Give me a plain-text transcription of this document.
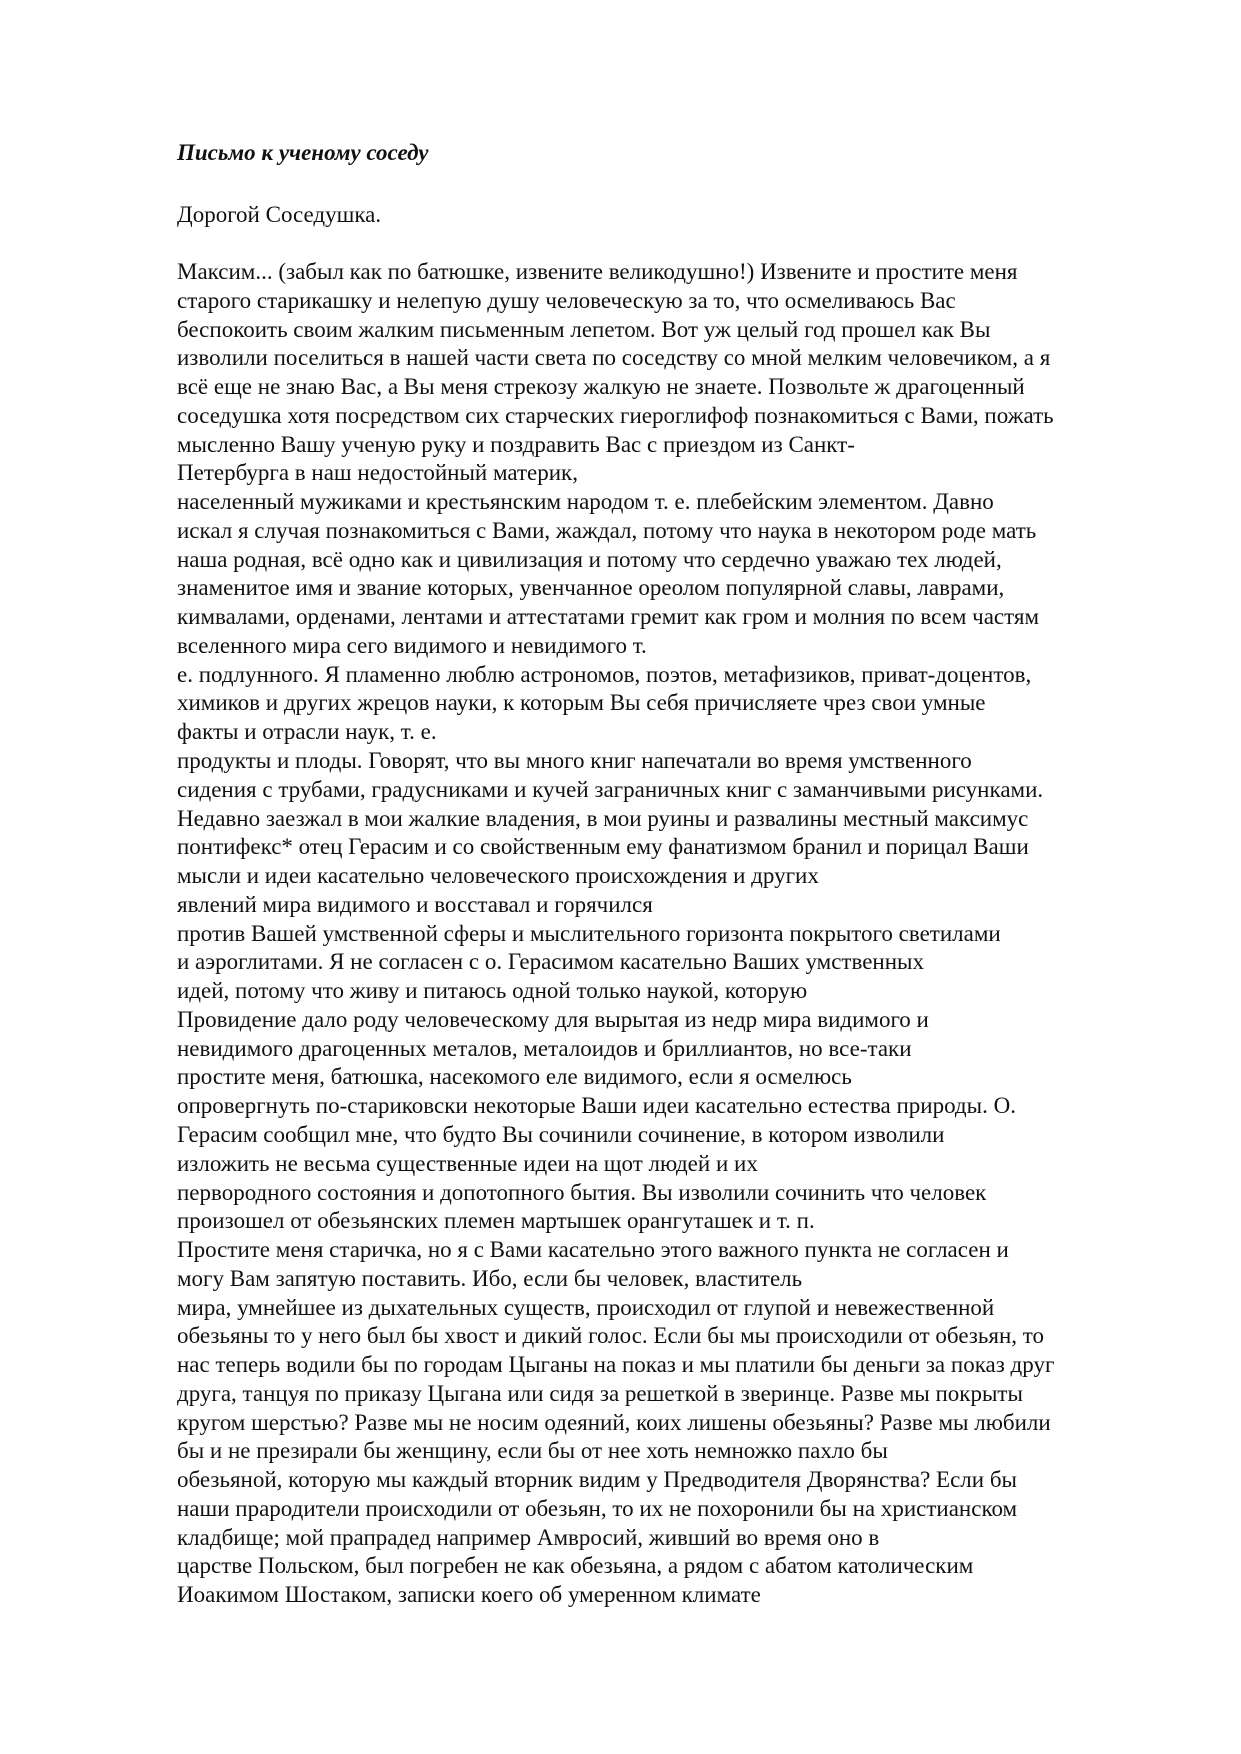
Письмо к ученому соседу
Дорогой Соседушка.
Максим... (забыл как по батюшке, извените великодушно!) Извените и простите меня
старого старикашку и нелепую душу человеческую за то, что осмеливаюсь Вас
беспокоить своим жалким письменным лепетом. Вот уж целый год прошел как Вы
изволили поселиться в нашей части света по соседству со мной мелким человечиком, а я
всё еще не знаю Вас, а Вы меня стрекозу жалкую не знаете. Позвольте ж драгоценный
соседушка хотя посредством сих старческих гиероглифоф познакомиться с Вами, пожать
мысленно Вашу ученую руку и поздравить Вас с приездом из Санкт-
Петербурга в наш недостойный материк,
населенный мужиками и крестьянским народом т. е. плебейским элементом. Давно
искал я случая познакомиться с Вами, жаждал, потому что наука в некотором роде мать
наша родная, всё одно как и цивилизация и потому что сердечно уважаю тех людей,
знаменитое имя и звание которых, увенчанное ореолом популярной славы, лаврами,
кимвалами, орденами, лентами и аттестатами гремит как гром и молния по всем частям
вселенного мира сего видимого и невидимого т.
е. подлунного. Я пламенно люблю астрономов, поэтов, метафизиков, приват-доцентов,
химиков и других жрецов науки, к которым Вы себя причисляете чрез свои умные
факты и отрасли наук, т. е.
продукты и плоды. Говорят, что вы много книг напечатали во время умственного
сидения с трубами, градусниками и кучей заграничных книг с заманчивыми рисунками.
Недавно заезжал в мои жалкие владения, в мои руины и развалины местный максимус
понтифекс* отец Герасим и со свойственным ему фанатизмом бранил и порицал Ваши
мысли и идеи касательно человеческого происхождения и других
явлений мира видимого и восставал и горячился
против Вашей умственной сферы и мыслительного горизонта покрытого светилами
и аэроглитами. Я не согласен с о. Герасимом касательно Ваших умственных
идей, потому что живу и питаюсь одной только наукой, которую
Провидение дало роду человеческому для вырытая из недр мира видимого и
невидимого драгоценных металов, металоидов и бриллиантов, но все-таки
простите меня, батюшка, насекомого еле видимого, если я осмелюсь
опровергнуть по-стариковски некоторые Ваши идеи касательно естества природы. О.
Герасим сообщил мне, что будто Вы сочинили сочинение, в котором изволили
изложить не весьма существенные идеи на щот людей и их
первородного состояния и допотопного бытия. Вы изволили сочинить что человек
произошел от обезьянских племен мартышек орангуташек и т. п.
Простите меня старичка, но я с Вами касательно этого важного пункта не согласен и
могу Вам запятую поставить. Ибо, если бы человек, властитель
мира, умнейшее из дыхательных существ, происходил от глупой и невежественной
обезьяны то у него был бы хвост и дикий голос. Если бы мы происходили от обезьян, то
нас теперь водили бы по городам Цыганы на показ и мы платили бы деньги за показ друг
друга, танцуя по приказу Цыгана или сидя за решеткой в зверинце. Разве мы покрыты
кругом шерстью? Разве мы не носим одеяний, коих лишены обезьяны? Разве мы любили
бы и не презирали бы женщину, если бы от нее хоть немножко пахло бы
обезьяной, которую мы каждый вторник видим у Предводителя Дворянства? Если бы
наши прародители происходили от обезьян, то их не похоронили бы на христианском
кладбище; мой прапрадед например Амвросий, живший во время оно в
царстве Польском, был погребен не как обезьяна, а рядом с абатом католическим
Иоакимом Шостаком, записки коего об умеренном климате
